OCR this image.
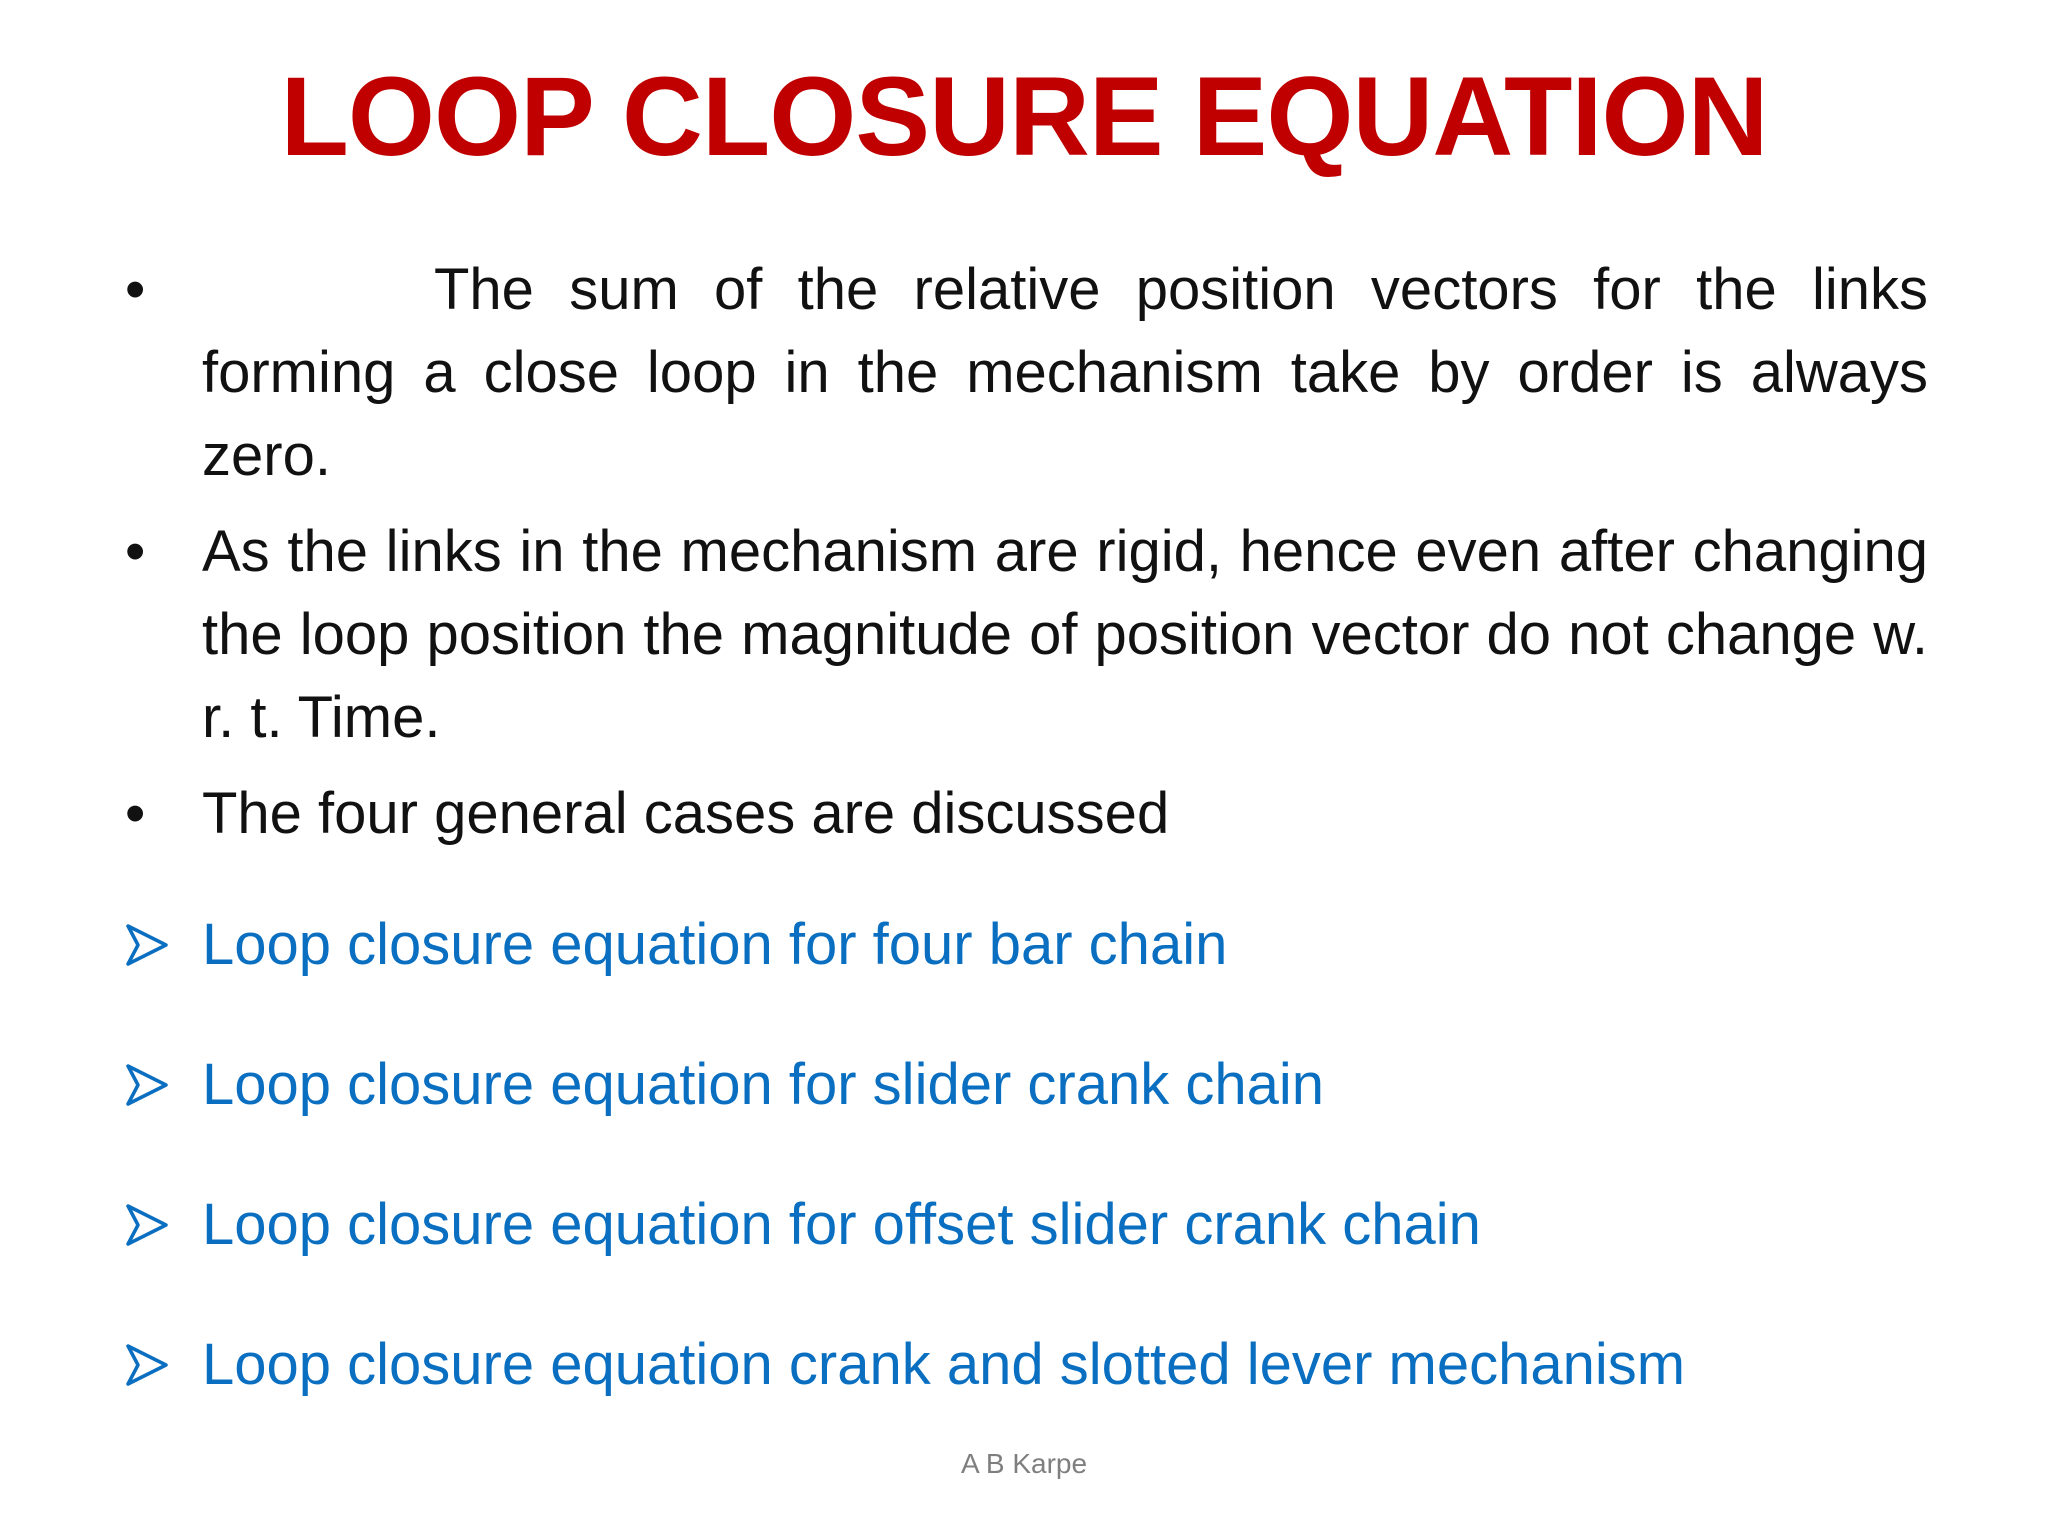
LOOP CLOSURE EQUATION
•	The sum of the relative position vectors for the links forming a close loop in the mechanism take by order is always zero.
• As the links in the mechanism are rigid, hence even after changing the loop position the magnitude of position vector do not change w. r. t. Time.
• The four general cases are discussed
Loop closure equation for four bar chain
Loop closure equation for slider crank chain
Loop closure equation for offset slider crank chain
Loop closure equation crank and slotted lever mechanism
A B Karpe
